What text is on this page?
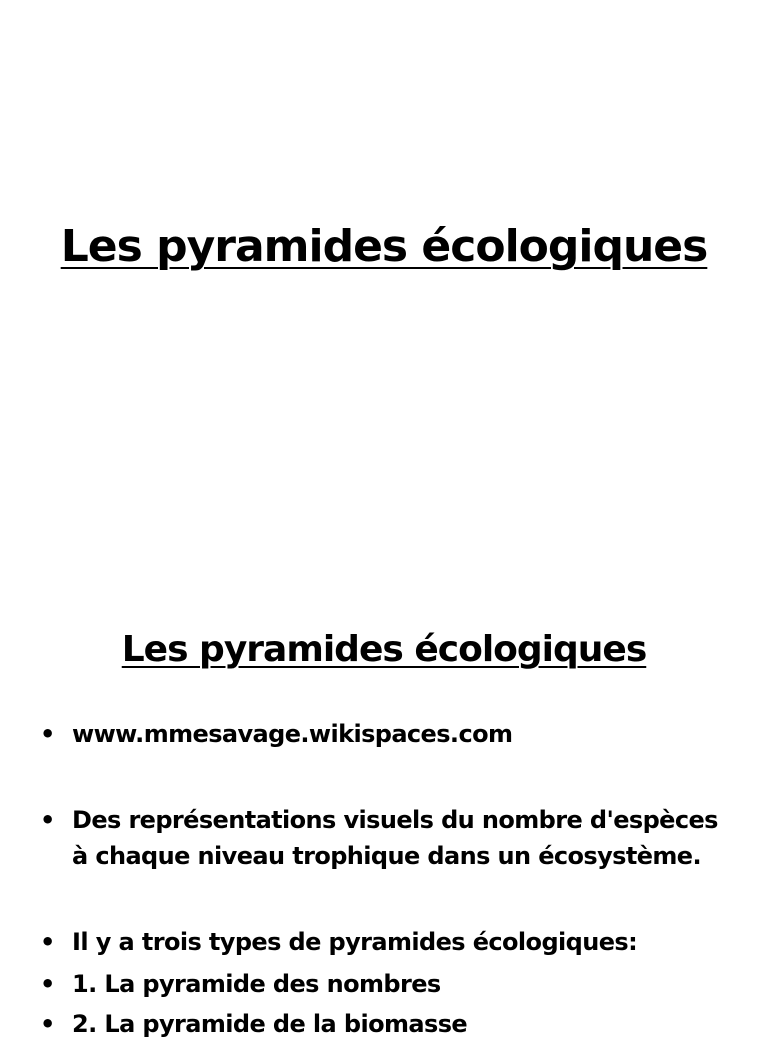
Les pyramides écologiques
Les pyramides écologiques
• www.mmesavage.wikispaces.com
• Des représentations visuels du nombre d'espèces à chaque niveau trophique dans un écosystème.
• Il y a trois types de pyramides écologiques:
• 1. La pyramide des nombres
• 2. La pyramide de la biomasse
